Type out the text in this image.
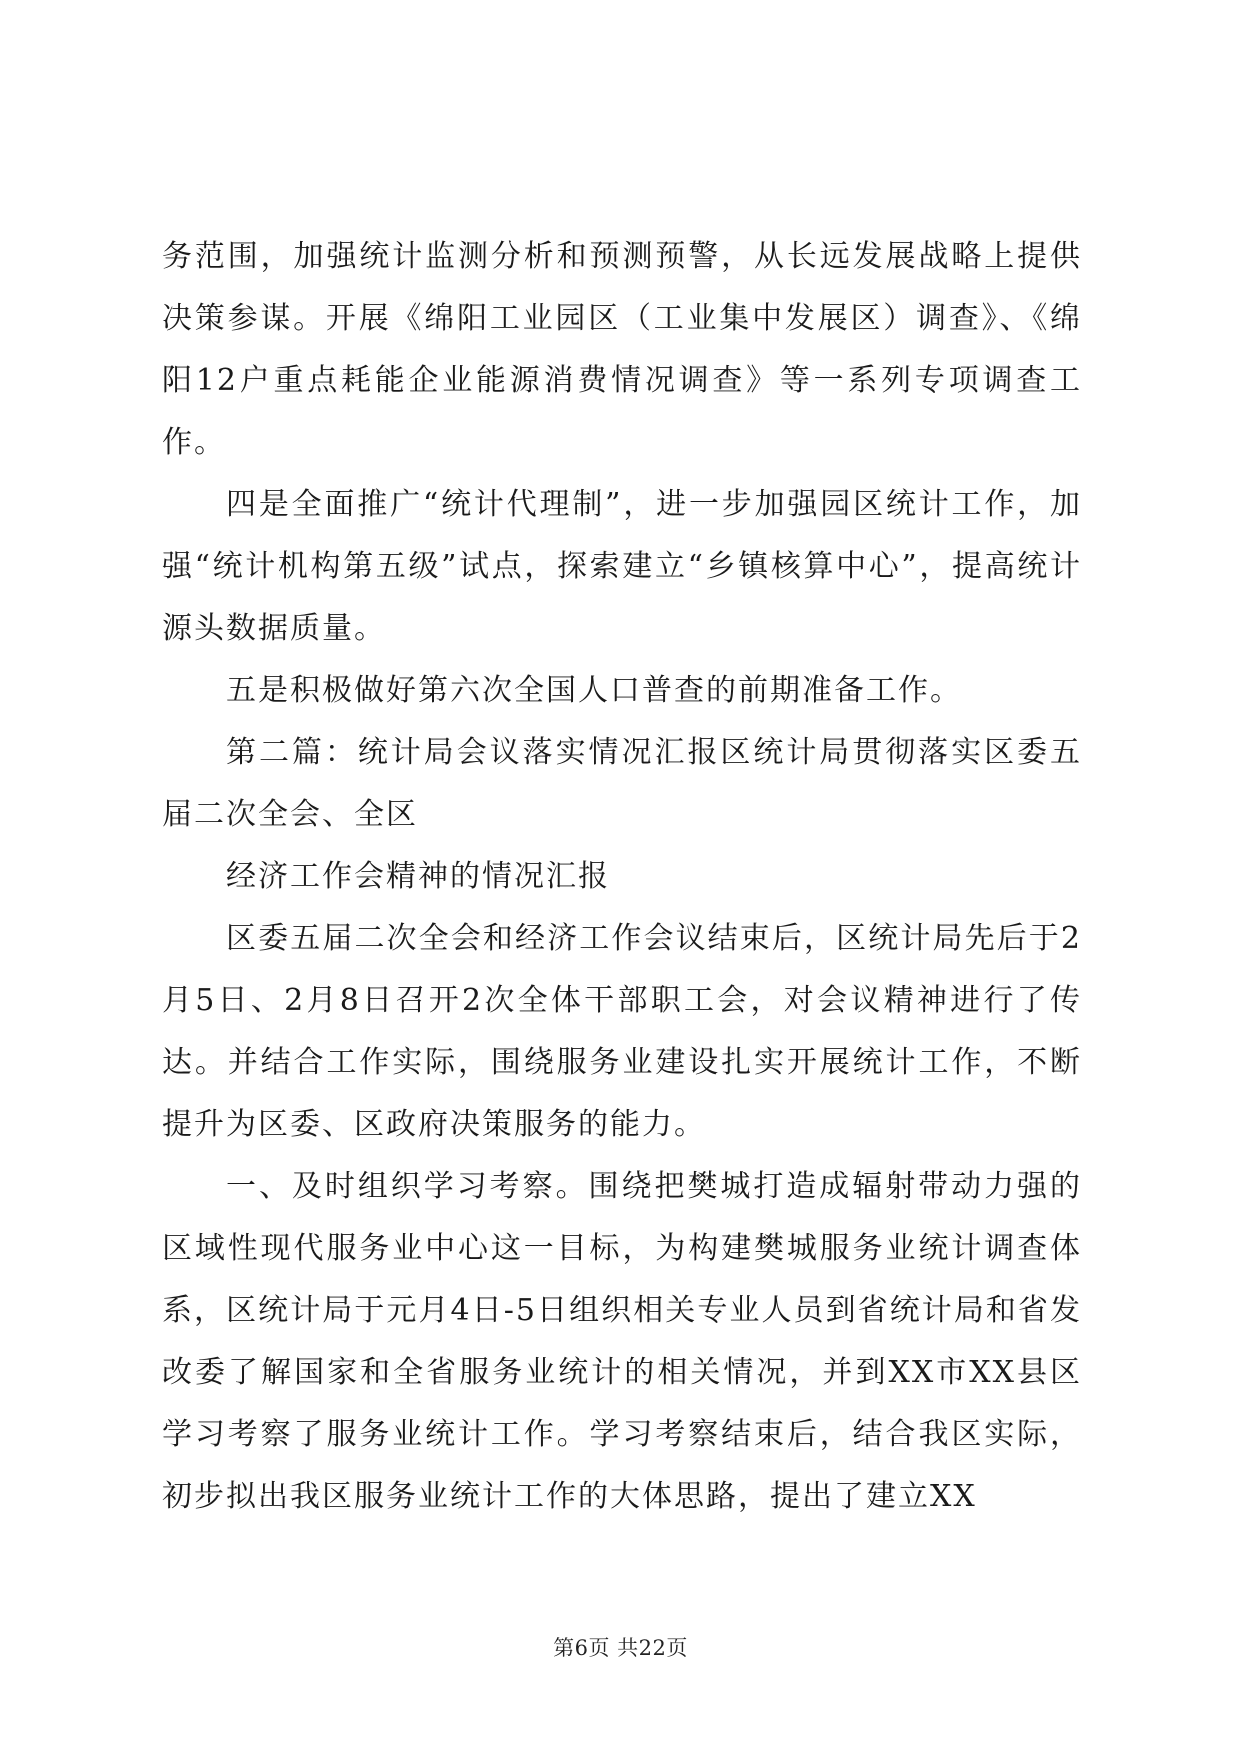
务范围，加强统计监测分析和预测预警，从长远发展战略上提供决策参谋。开展《绵阳工业园区（工业集中发展区）调查》、《绵阳12户重点耗能企业能源消费情况调查》等一系列专项调查工作。

四是全面推广“统计代理制”，进一步加强园区统计工作，加强“统计机构第五级”试点，探索建立“乡镇核算中心”，提高统计源头数据质量。

五是积极做好第六次全国人口普查的前期准备工作。

第二篇：统计局会议落实情况汇报区统计局贯彻落实区委五届二次全会、全区

经济工作会精神的情况汇报

区委五届二次全会和经济工作会议结束后，区统计局先后于2月5日、2月8日召开2次全体干部职工会，对会议精神进行了传达。并结合工作实际，围绕服务业建设扎实开展统计工作，不断提升为区委、区政府决策服务的能力。

一、及时组织学习考察。围绕把樊城打造成辐射带动力强的区域性现代服务业中心这一目标，为构建樊城服务业统计调查体系，区统计局于元月4日-5日组织相关专业人员到省统计局和省发改委了解国家和全省服务业统计的相关情况，并到XX市XX县区学习考察了服务业统计工作。学习考察结束后，结合我区实际，初步拟出我区服务业统计工作的大体思路，提出了建立XX

第6页 共22页
